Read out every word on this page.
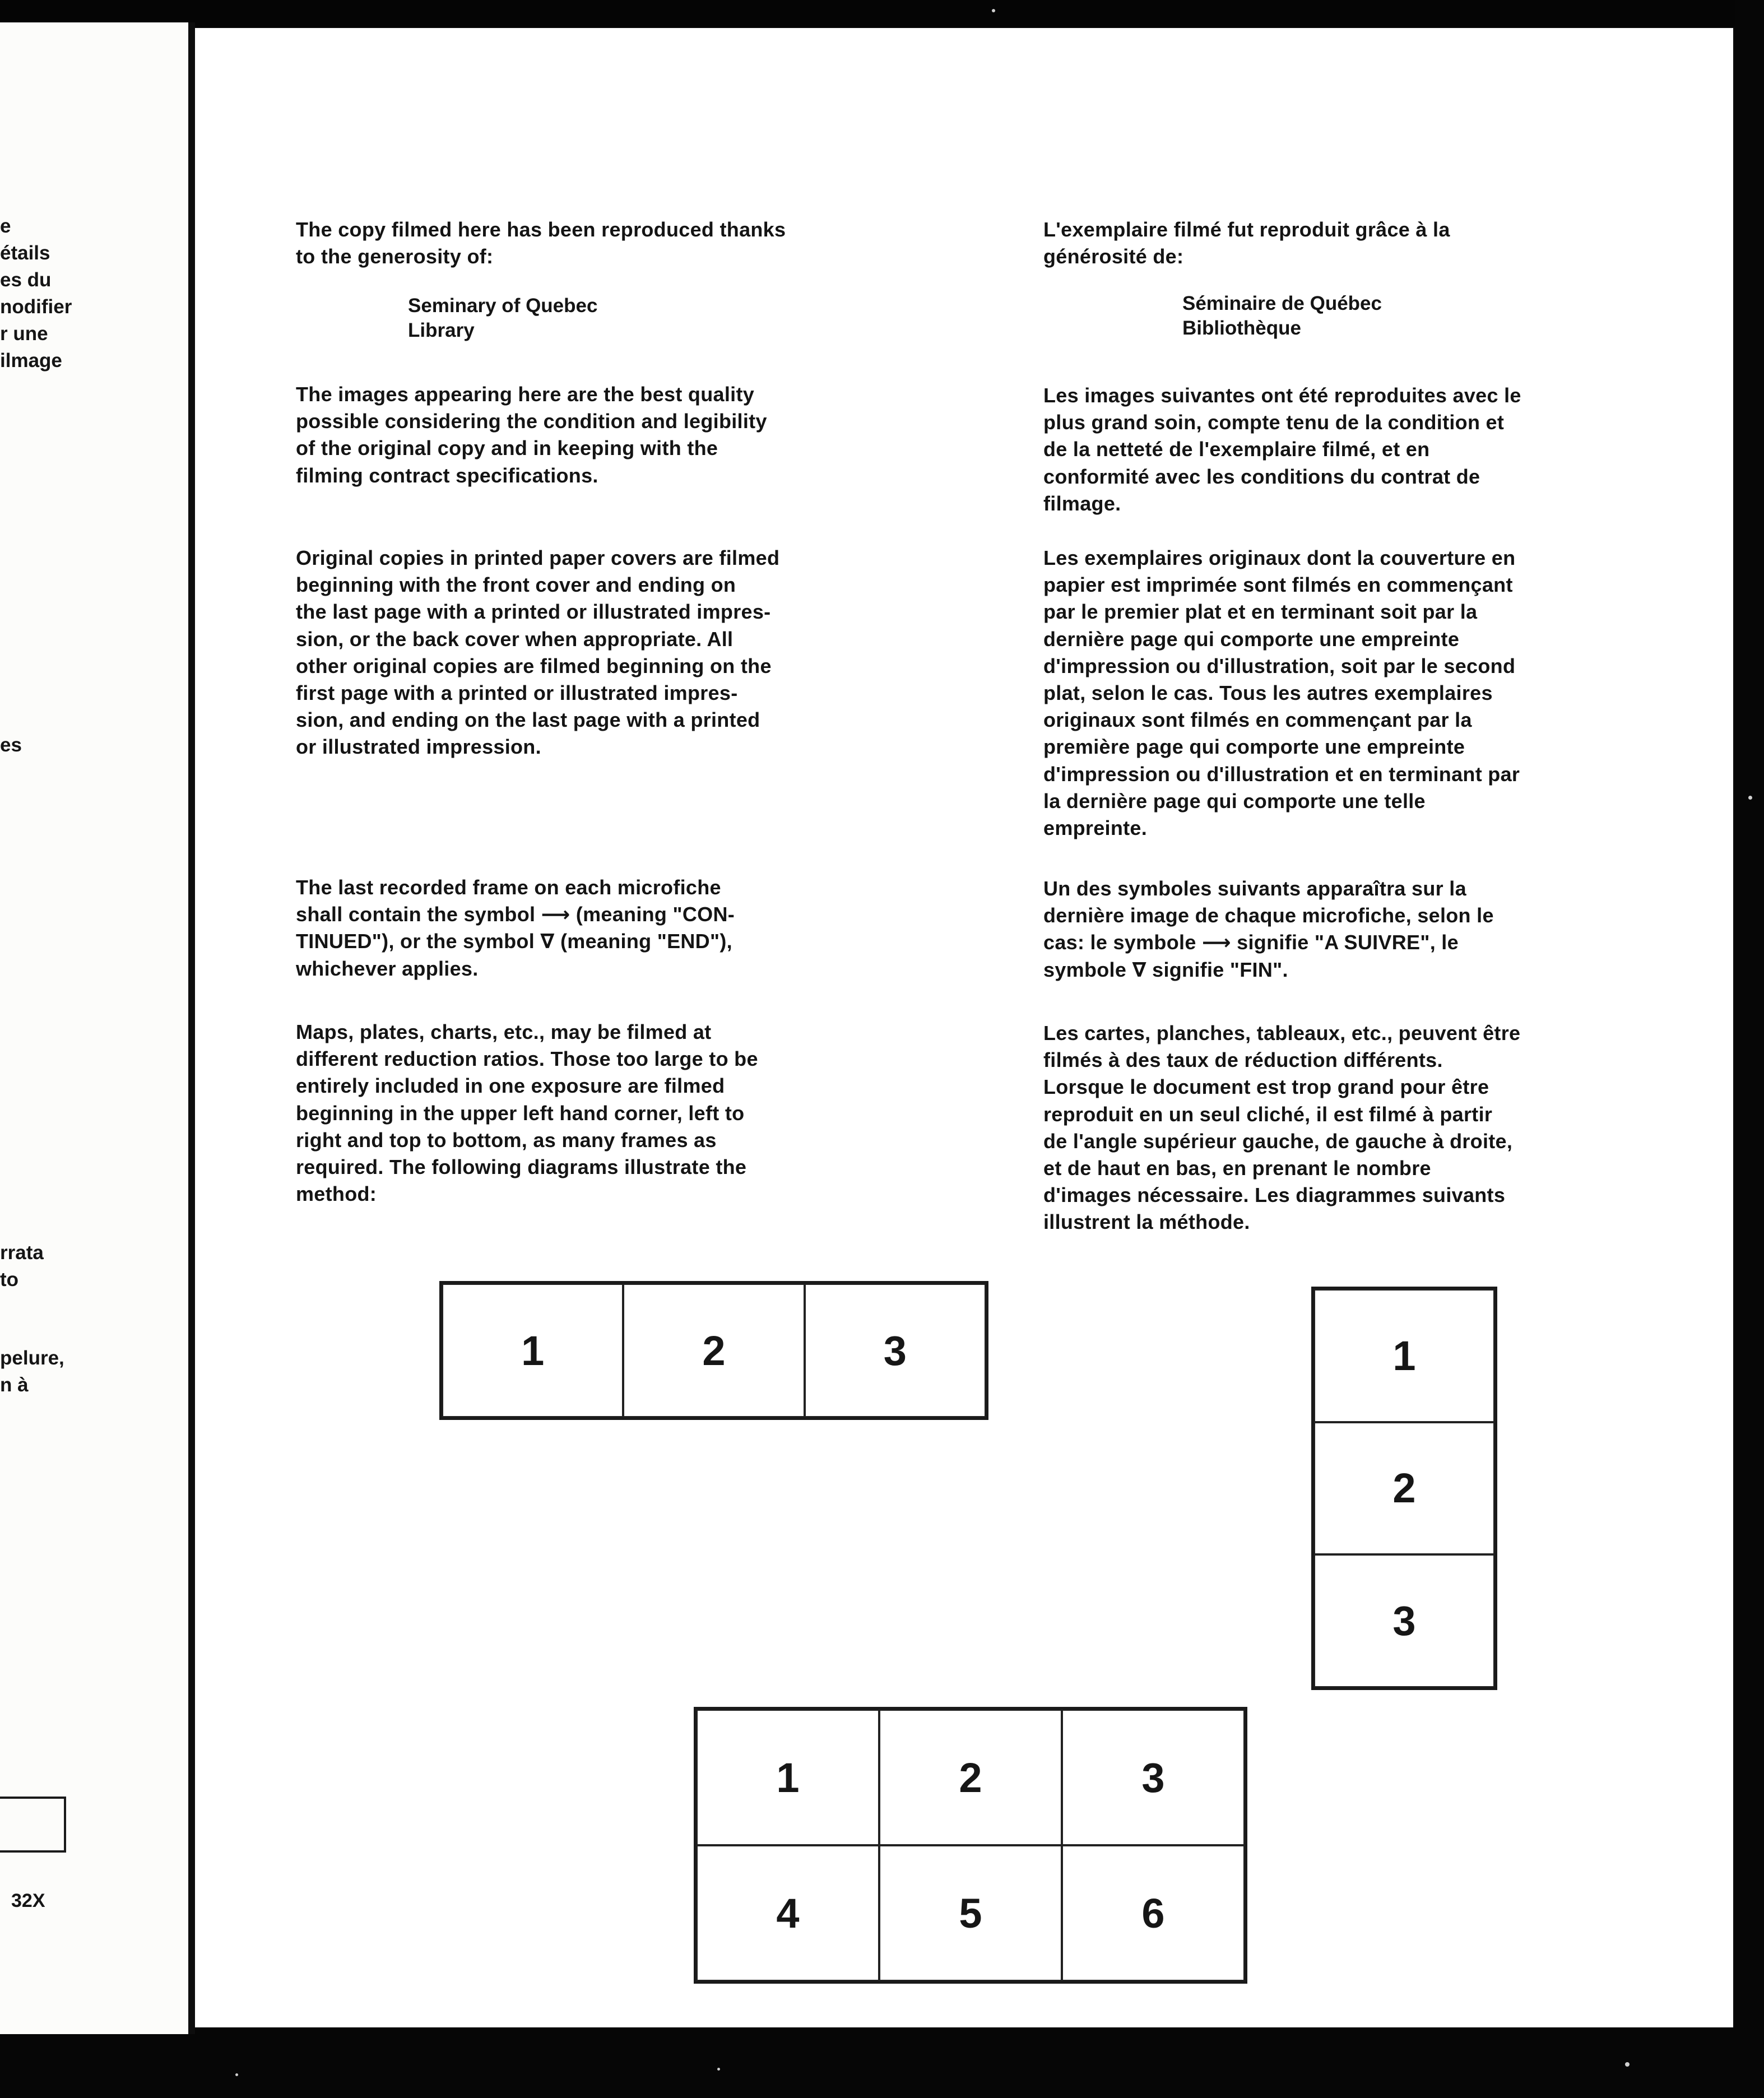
e
étails
es du
nodifier
r une
ilmage
es
rrata
to
pelure,
n à
32X
The copy filmed here has been reproduced thanks
to the generosity of:
Seminary of Quebec
Library
The images appearing here are the best quality
possible considering the condition and legibility
of the original copy and in keeping with the
filming contract specifications.
Original copies in printed paper covers are filmed
beginning with the front cover and ending on
the last page with a printed or illustrated impres-
sion, or the back cover when appropriate. All
other original copies are filmed beginning on the
first page with a printed or illustrated impres-
sion, and ending on the last page with a printed
or illustrated impression.
The last recorded frame on each microfiche
shall contain the symbol ⟶ (meaning "CON-
TINUED"), or the symbol ∇ (meaning "END"),
whichever applies.
Maps, plates, charts, etc., may be filmed at
different reduction ratios. Those too large to be
entirely included in one exposure are filmed
beginning in the upper left hand corner, left to
right and top to bottom, as many frames as
required. The following diagrams illustrate the
method:
L'exemplaire filmé fut reproduit grâce à la
générosité de:
Séminaire de Québec
Bibliothèque
Les images suivantes ont été reproduites avec le
plus grand soin, compte tenu de la condition et
de la netteté de l'exemplaire filmé, et en
conformité avec les conditions du contrat de
filmage.
Les exemplaires originaux dont la couverture en
papier est imprimée sont filmés en commençant
par le premier plat et en terminant soit par la
dernière page qui comporte une empreinte
d'impression ou d'illustration, soit par le second
plat, selon le cas. Tous les autres exemplaires
originaux sont filmés en commençant par la
première page qui comporte une empreinte
d'impression ou d'illustration et en terminant par
la dernière page qui comporte une telle
empreinte.
Un des symboles suivants apparaîtra sur la
dernière image de chaque microfiche, selon le
cas: le symbole ⟶ signifie "A SUIVRE", le
symbole ∇ signifie "FIN".
Les cartes, planches, tableaux, etc., peuvent être
filmés à des taux de réduction différents.
Lorsque le document est trop grand pour être
reproduit en un seul cliché, il est filmé à partir
de l'angle supérieur gauche, de gauche à droite,
et de haut en bas, en prenant le nombre
d'images nécessaire. Les diagrammes suivants
illustrent la méthode.
1	2	3	1
2
3
1	2	3
4	5	6
